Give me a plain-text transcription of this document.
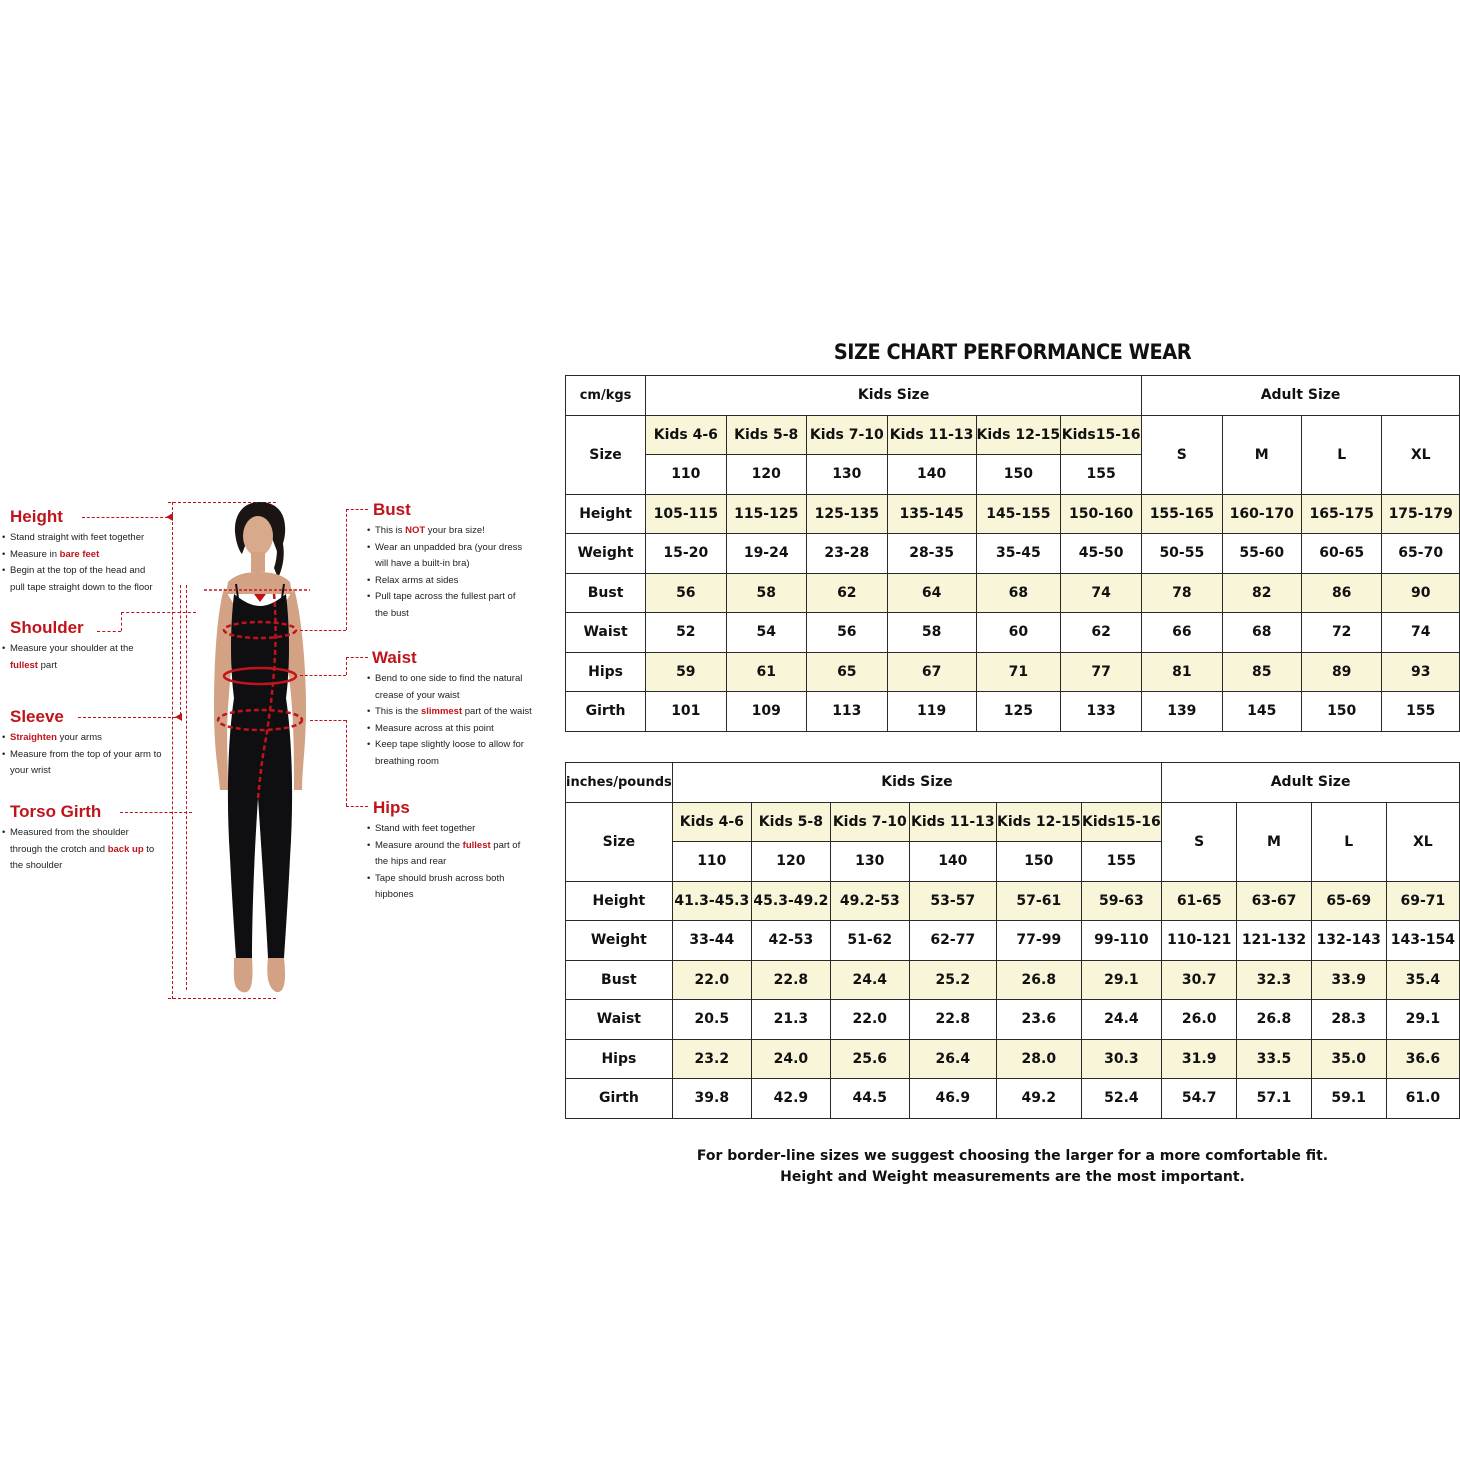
Height
• Stand straight with feet together
• Measure in bare feet
• Begin at the top of the head and pull tape straight down to the floor
Shoulder
• Measure your shoulder at the fullest part
Sleeve
• Straighten your arms
• Measure from the top of your arm to your wrist
Torso Girth
• Measured from the shoulder through the crotch and back up to the shoulder
Bust
• This is NOT your bra size!
• Wear an unpadded bra (your dress will have a built-in bra)
• Relax arms at sides
• Pull tape across the fullest part of the bust
Waist
• Bend to one side to find the natural crease of your waist
• This is the slimmest part of the waist
• Measure across at this point
• Keep tape slightly loose to allow for breathing room
Hips
• Stand with feet together
• Measure around the fullest part of the hips and rear
• Tape should brush across both hipbones
SIZE CHART PERFORMANCE WEAR
cm/kgs	Kids Size						Adult Size			
Size	Kids 4-6	Kids 5-8	Kids 7-10	Kids 11-13	Kids 12-15	Kids15-16	S	M	L	XL
	110	120	130	140	150	155				
Height	105-115	115-125	125-135	135-145	145-155	150-160	155-165	160-170	165-175	175-179
Weight	15-20	19-24	23-28	28-35	35-45	45-50	50-55	55-60	60-65	65-70
Bust	56	58	62	64	68	74	78	82	86	90
Waist	52	54	56	58	60	62	66	68	72	74
Hips	59	61	65	67	71	77	81	85	89	93
Girth	101	109	113	119	125	133	139	145	150	155
inches/pounds	Kids Size						Adult Size			
Size	Kids 4-6	Kids 5-8	Kids 7-10	Kids 11-13	Kids 12-15	Kids15-16	S	M	L	XL
	110	120	130	140	150	155				
Height	41.3-45.3	45.3-49.2	49.2-53	53-57	57-61	59-63	61-65	63-67	65-69	69-71
Weight	33-44	42-53	51-62	62-77	77-99	99-110	110-121	121-132	132-143	143-154
Bust	22.0	22.8	24.4	25.2	26.8	29.1	30.7	32.3	33.9	35.4
Waist	20.5	21.3	22.0	22.8	23.6	24.4	26.0	26.8	28.3	29.1
Hips	23.2	24.0	25.6	26.4	28.0	30.3	31.9	33.5	35.0	36.6
Girth	39.8	42.9	44.5	46.9	49.2	52.4	54.7	57.1	59.1	61.0
For border-line sizes we suggest choosing the larger for a more comfortable fit.
Height and Weight measurements are the most important.
